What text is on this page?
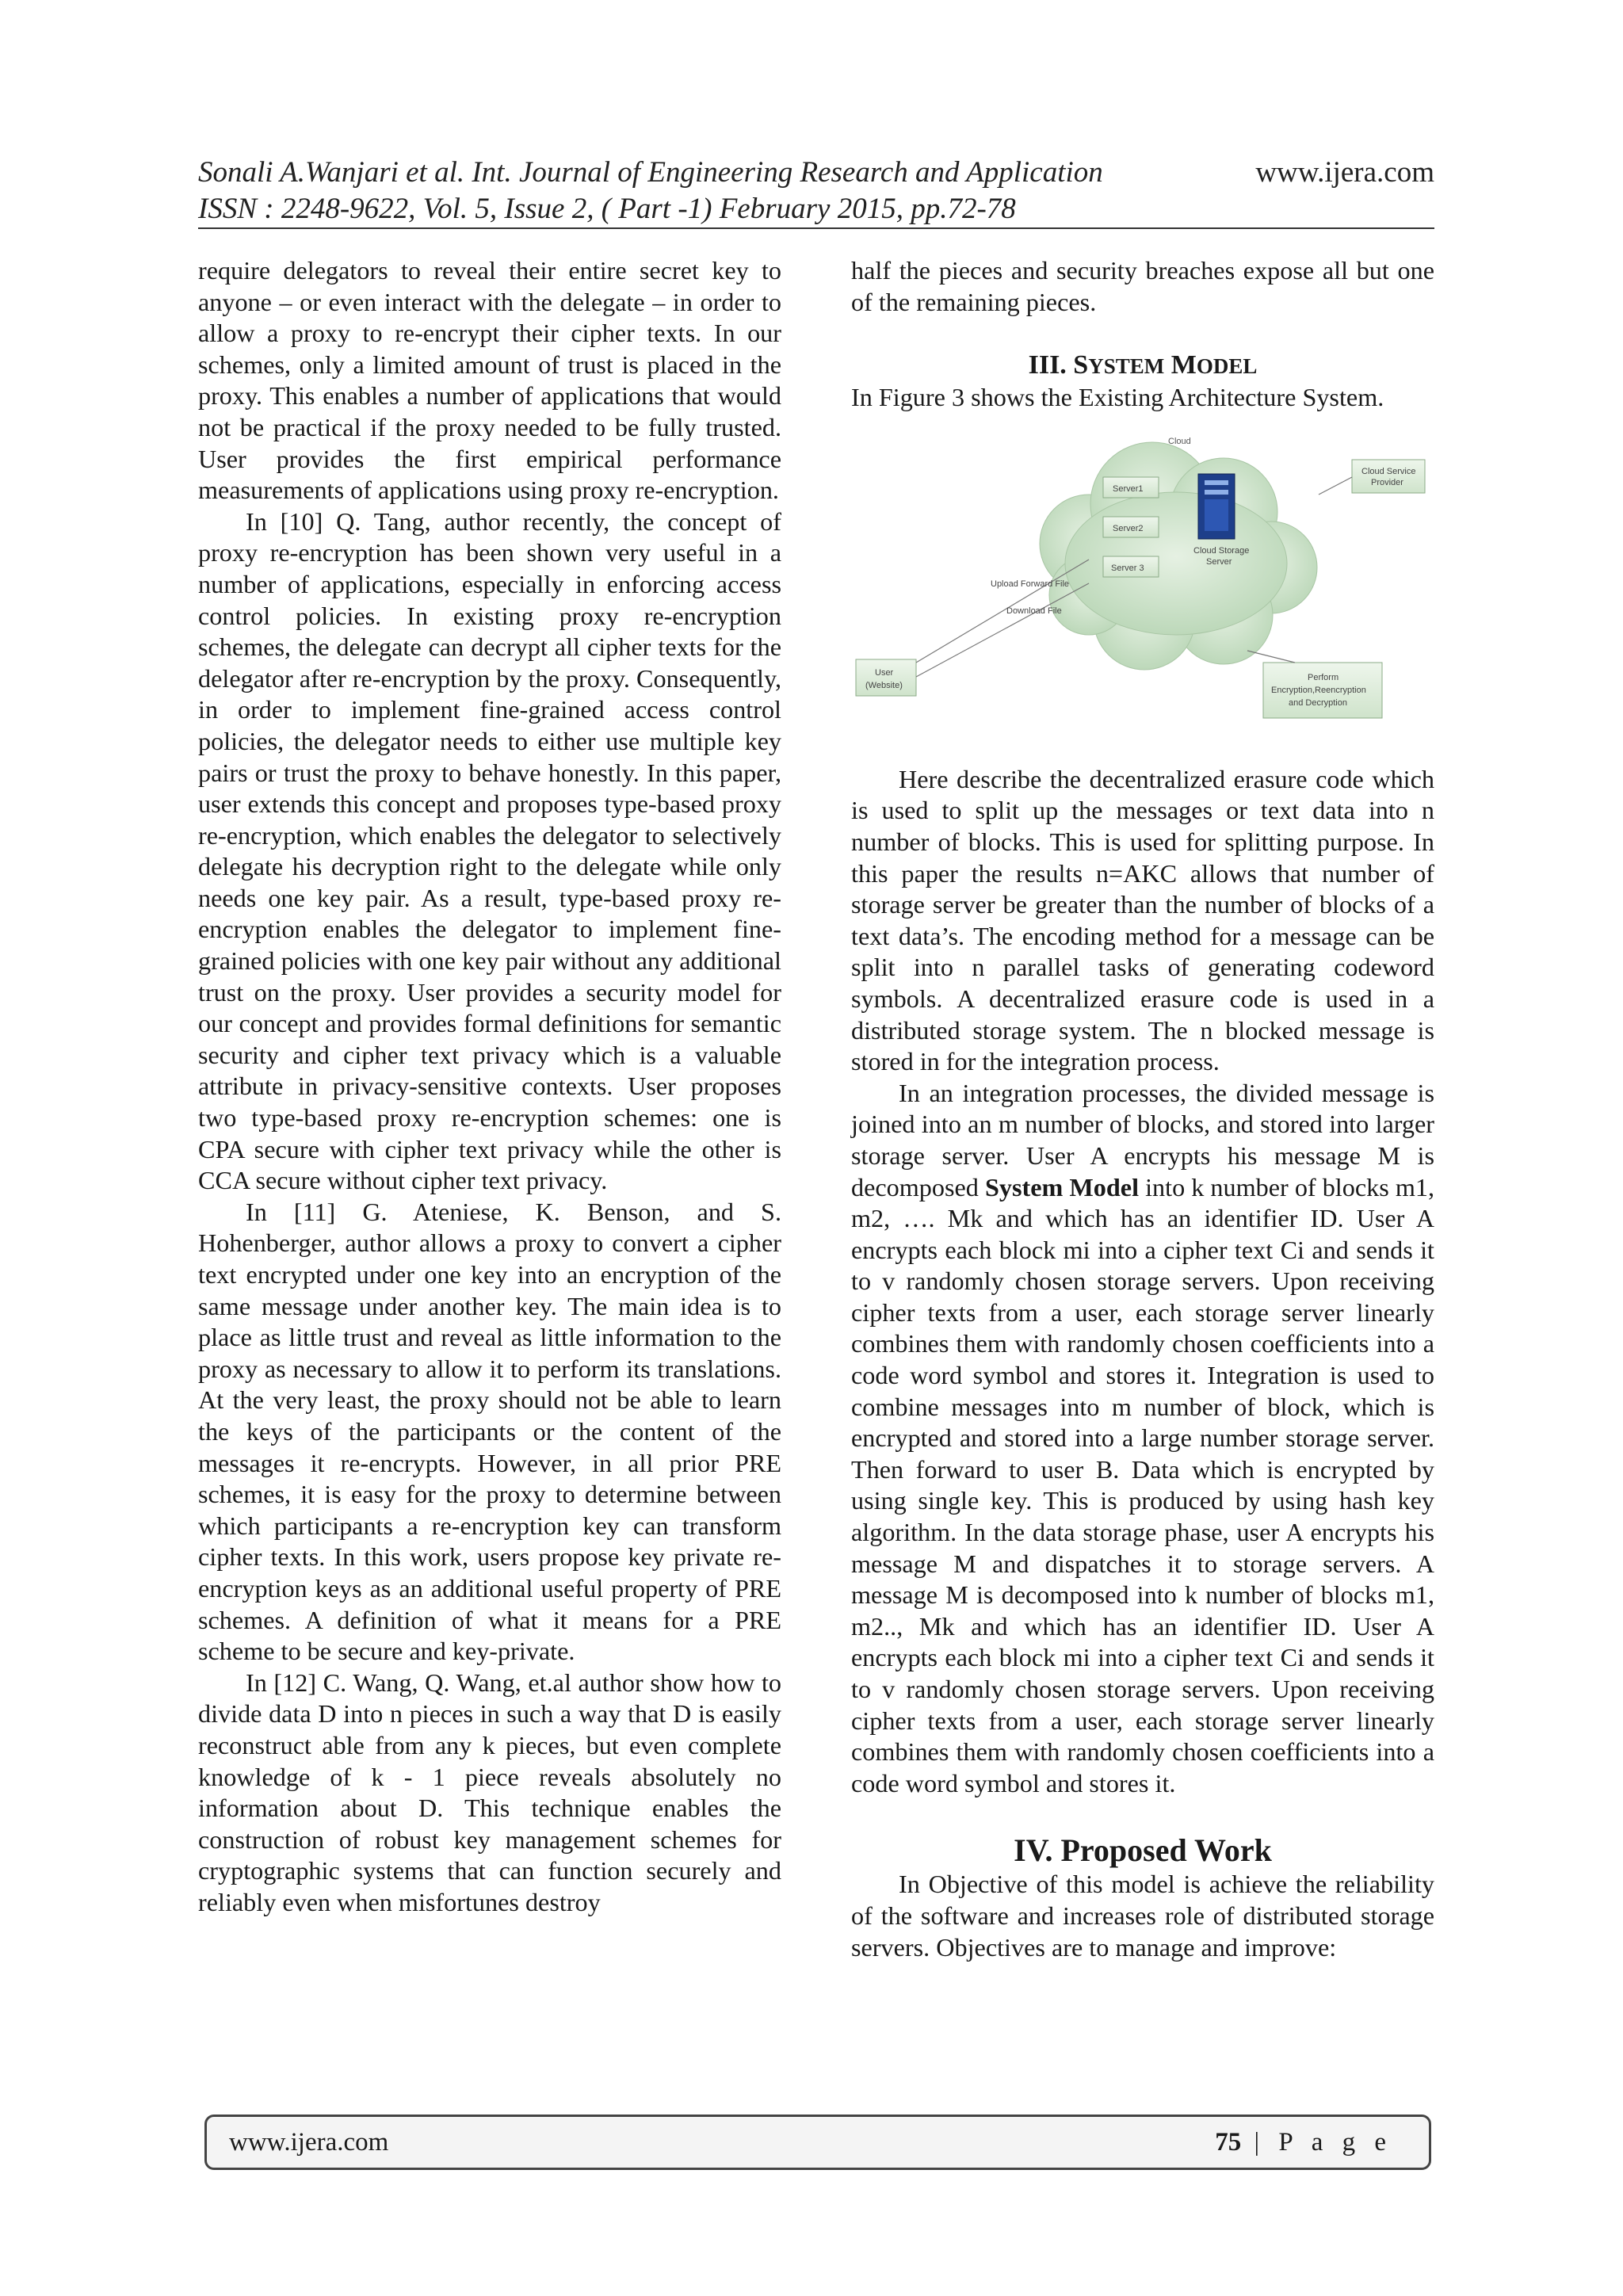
Sonali A.Wanjari et al. Int. Journal of Engineering Research and Application	www.ijera.com
ISSN : 2248-9622, Vol. 5, Issue 2, ( Part -1) February 2015, pp.72-78

require delegators to reveal their entire secret key to anyone – or even interact with the delegate – in order to allow a proxy to re-encrypt their cipher texts. In our schemes, only a limited amount of trust is placed in the proxy. This enables a number of applications that would not be practical if the proxy needed to be fully trusted. User provides the first empirical performance measurements of applications using proxy re-encryption.

In [10] Q. Tang, author recently, the concept of proxy re-encryption has been shown very useful in a number of applications, especially in enforcing access control policies. In existing proxy re-encryption schemes, the delegate can decrypt all cipher texts for the delegator after re-encryption by the proxy. Consequently, in order to implement fine-grained access control policies, the delegator needs to either use multiple key pairs or trust the proxy to behave honestly. In this paper, user extends this concept and proposes type-based proxy re-encryption, which enables the delegator to selectively delegate his decryption right to the delegate while only needs one key pair. As a result, type-based proxy re-encryption enables the delegator to implement fine-grained policies with one key pair without any additional trust on the proxy. User provides a security model for our concept and provides formal definitions for semantic security and cipher text privacy which is a valuable attribute in privacy-sensitive contexts. User proposes two type-based proxy re-encryption schemes: one is CPA secure with cipher text privacy while the other is CCA secure without cipher text privacy.

In [11] G. Ateniese, K. Benson, and S. Hohenberger, author allows a proxy to convert a cipher text encrypted under one key into an encryption of the same message under another key. The main idea is to place as little trust and reveal as little information to the proxy as necessary to allow it to perform its translations. At the very least, the proxy should not be able to learn the keys of the participants or the content of the messages it re-encrypts. However, in all prior PRE schemes, it is easy for the proxy to determine between which participants a re-encryption key can transform cipher texts. In this work, users propose key private re-encryption keys as an additional useful property of PRE schemes. A definition of what it means for a PRE scheme to be secure and key-private.

In [12] C. Wang, Q. Wang, et.al author show how to divide data D into n pieces in such a way that D is easily reconstruct able from any k pieces, but even complete knowledge of k - 1 piece reveals absolutely no information about D. This technique enables the construction of robust key management schemes for cryptographic systems that can function securely and reliably even when misfortunes destroy

half the pieces and security breaches expose all but one of the remaining pieces.

III. SYSTEM MODEL

In Figure 3 shows the Existing Architecture System.

Cloud
Server1
Server2
Server 3
Cloud Storage
Server
Cloud Service
Provider
User
(Website)
Upload Forward File
Download File
Perform
Encryption,Reencryption
and Decryption

Here describe the decentralized erasure code which is used to split up the messages or text data into n number of blocks. This is used for splitting purpose. In this paper the results n=AKC allows that number of storage server be greater than the number of blocks of a text data’s. The encoding method for a message can be split into n parallel tasks of generating codeword symbols. A decentralized erasure code is used in a distributed storage system. The n blocked message is stored in for the integration process.

In an integration processes, the divided message is joined into an m number of blocks, and stored into larger storage server. User A encrypts his message M is decomposed System Model into k number of blocks m1, m2, …. Mk and which has an identifier ID. User A encrypts each block mi into a cipher text Ci and sends it to v randomly chosen storage servers. Upon receiving cipher texts from a user, each storage server linearly combines them with randomly chosen coefficients into a code word symbol and stores it. Integration is used to combine messages into m number of block, which is encrypted and stored into a large number storage server. Then forward to user B. Data which is encrypted by using single key. This is produced by using hash key algorithm. In the data storage phase, user A encrypts his message M and dispatches it to storage servers. A message M is decomposed into k number of blocks m1, m2.., Mk and which has an identifier ID. User A encrypts each block mi into a cipher text Ci and sends it to v randomly chosen storage servers. Upon receiving cipher texts from a user, each storage server linearly combines them with randomly chosen coefficients into a code word symbol and stores it.

IV. Proposed Work

In Objective of this model is achieve the reliability of the software and increases role of distributed storage servers. Objectives are to manage and improve:

www.ijera.com	75 | P a g e
